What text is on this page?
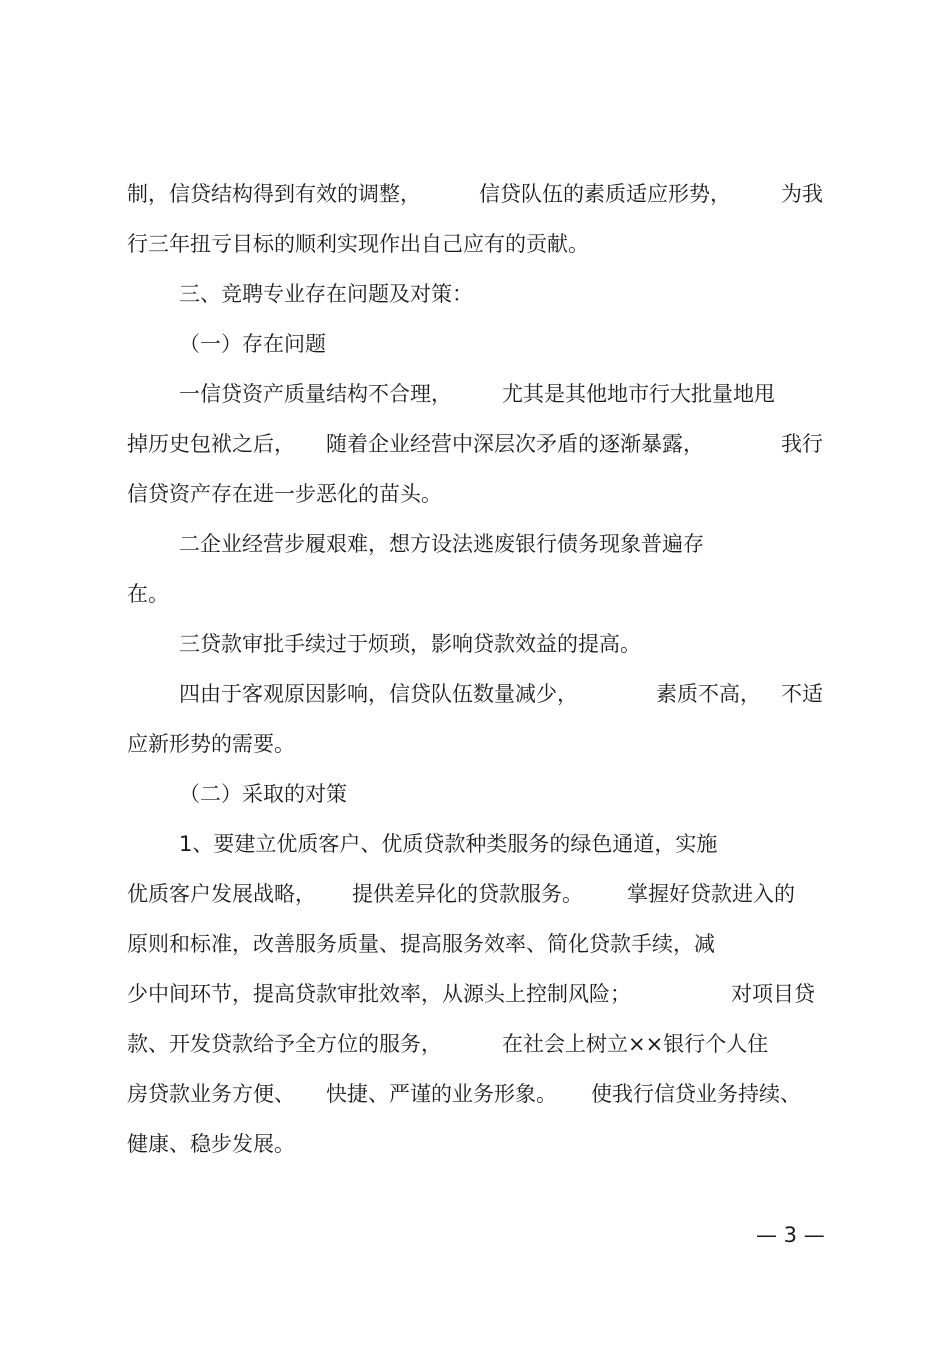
制，信贷结构得到有效的调整，	信贷队伍的素质适应形势， 为我
行三年扭亏目标的顺利实现作出自己应有的贡献。
三、竞聘专业存在问题及对策：
（一）存在问题
一信贷资产质量结构不合理， 尤其是其他地市行大批量地甩
掉历史包袱之后， 随着企业经营中深层次矛盾的逐渐暴露，	我行
信贷资产存在进一步恶化的苗头。
二企业经营步履艰难，想方设法逃废银行债务现象普遍存
在。
三贷款审批手续过于烦琐，影响贷款效益的提高。
四由于客观原因影响，信贷队伍数量减少，	素质不高， 不适
应新形势的需要。
（二）采取的对策
1、要建立优质客户、优质贷款种类服务的绿色通道，实施
优质客户发展战略， 提供差异化的贷款服务。 掌握好贷款进入的
原则和标准，改善服务质量、提高服务效率、简化贷款手续，减
少中间环节，提高贷款审批效率，从源头上控制风险；	对项目贷
款、开发贷款给予全方位的服务，	在社会上树立××银行个人住
房贷款业务方便、 快捷、严谨的业务形象。 使我行信贷业务持续、
健康、稳步发展。
— 3 —
